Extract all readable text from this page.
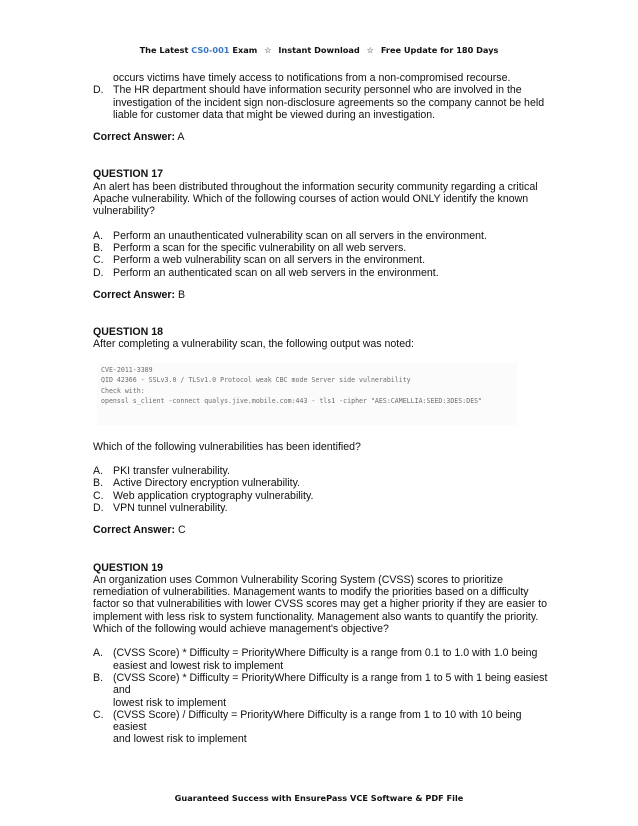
The Latest CS0-001 Exam ☆ Instant Download ☆ Free Update for 180 Days
occurs victims have timely access to notifications from a non-compromised recourse.
D. The HR department should have information security personnel who are involved in the
investigation of the incident sign non-disclosure agreements so the company cannot be held
liable for customer data that might be viewed during an investigation.
Correct Answer: A
QUESTION 17
An alert has been distributed throughout the information security community regarding a critical
Apache vulnerability. Which of the following courses of action would ONLY identify the known
vulnerability?
A. Perform an unauthenticated vulnerability scan on all servers in the environment.
B. Perform a scan for the specific vulnerability on all web servers.
C. Perform a web vulnerability scan on all servers in the environment.
D. Perform an authenticated scan on all web servers in the environment.
Correct Answer: B
QUESTION 18
After completing a vulnerability scan, the following output was noted:
CVE-2011-3389
QID 42366 - SSLv3.0 / TLSv1.0 Protocol weak CBC mode Server side vulnerability
Check with:
openssl s_client -connect qualys.jive.mobile.com:443 - tls1 -cipher "AES:CAMELLIA:SEED:3DES:DES"
Which of the following vulnerabilities has been identified?
A. PKI transfer vulnerability.
B. Active Directory encryption vulnerability.
C. Web application cryptography vulnerability.
D. VPN tunnel vulnerability.
Correct Answer: C
QUESTION 19
An organization uses Common Vulnerability Scoring System (CVSS) scores to prioritize
remediation of vulnerabilities. Management wants to modify the priorities based on a difficulty
factor so that vulnerabilities with lower CVSS scores may get a higher priority if they are easier to
implement with less risk to system functionality. Management also wants to quantify the priority.
Which of the following would achieve management's objective?
A. (CVSS Score) * Difficulty = PriorityWhere Difficulty is a range from 0.1 to 1.0 with 1.0 being
easiest and lowest risk to implement
B. (CVSS Score) * Difficulty = PriorityWhere Difficulty is a range from 1 to 5 with 1 being easiest and
lowest risk to implement
C. (CVSS Score) / Difficulty = PriorityWhere Difficulty is a range from 1 to 10 with 10 being easiest
and lowest risk to implement
Guaranteed Success with EnsurePass VCE Software & PDF File
